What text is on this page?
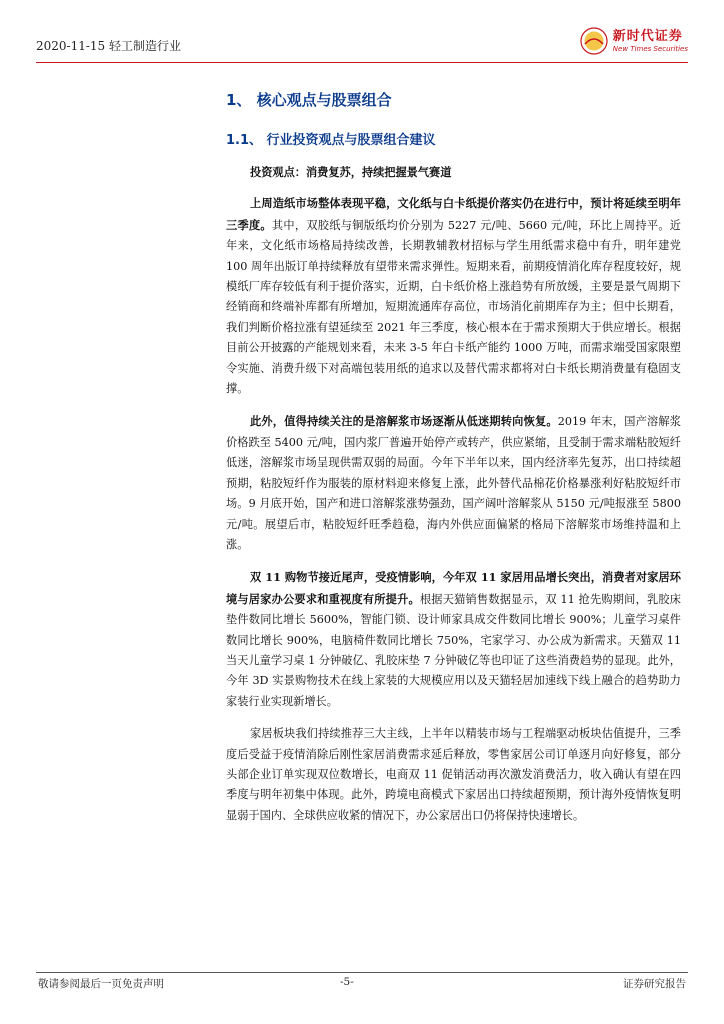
2020-11-15 轻工制造行业
新时代证券
New Times Securities
1、 核心观点与股票组合
1.1、 行业投资观点与股票组合建议

投资观点：消费复苏，持续把握景气赛道

上周造纸市场整体表现平稳，文化纸与白卡纸提价落实仍在进行中，预计将延续至明年三季度。其中，双胶纸与铜版纸均价分别为 5227 元/吨、5660 元/吨，环比上周持平。近年来，文化纸市场格局持续改善，长期教辅教材招标与学生用纸需求稳中有升，明年建党 100 周年出版订单持续释放有望带来需求弹性。短期来看，前期疫情消化库存程度较好，规模纸厂库存较低有利于提价落实，近期，白卡纸价格上涨趋势有所放缓，主要是景气周期下经销商和终端补库都有所增加，短期流通库存高位，市场消化前期库存为主；但中长期看，我们判断价格拉涨有望延续至 2021 年三季度，核心根本在于需求预期大于供应增长。根据目前公开披露的产能规划来看，未来 3-5 年白卡纸产能约 1000 万吨，而需求端受国家限塑令实施、消费升级下对高端包装用纸的追求以及替代需求都将对白卡纸长期消费量有稳固支撑。

此外，值得持续关注的是溶解浆市场逐渐从低迷期转向恢复。2019 年末，国产溶解浆价格跌至 5400 元/吨，国内浆厂普遍开始停产或转产，供应紧缩，且受制于需求端粘胶短纤低迷，溶解浆市场呈现供需双弱的局面。今年下半年以来，国内经济率先复苏，出口持续超预期，粘胶短纤作为服装的原材料迎来修复上涨，此外替代品棉花价格暴涨利好粘胶短纤市场。9 月底开始，国产和进口溶解浆涨势强劲，国产阔叶溶解浆从 5150 元/吨报涨至 5800 元/吨。展望后市，粘胶短纤旺季趋稳，海内外供应面偏紧的格局下溶解浆市场维持温和上涨。

双 11 购物节接近尾声，受疫情影响，今年双 11 家居用品增长突出，消费者对家居环境与居家办公要求和重视度有所提升。根据天猫销售数据显示，双 11 抢先购期间，乳胶床垫件数同比增长 5600%，智能门锁、设计师家具成交件数同比增长 900%；儿童学习桌件数同比增长 900%，电脑椅件数同比增长 750%，宅家学习、办公成为新需求。天猫双 11 当天儿童学习桌 1 分钟破亿、乳胶床垫 7 分钟破亿等也印证了这些消费趋势的显现。此外，今年 3D 实景购物技术在线上家装的大规模应用以及天猫轻居加速线下线上融合的趋势助力家装行业实现新增长。

家居板块我们持续推荐三大主线，上半年以精装市场与工程端驱动板块估值提升，三季度后受益于疫情消除后刚性家居消费需求延后释放，零售家居公司订单逐月向好修复，部分头部企业订单实现双位数增长，电商双 11 促销活动再次激发消费活力，收入确认有望在四季度与明年初集中体现。此外，跨境电商模式下家居出口持续超预期，预计海外疫情恢复明显弱于国内、全球供应收紧的情况下，办公家居出口仍将保持快速增长。

敬请参阅最后一页免责声明	-5-	证券研究报告
